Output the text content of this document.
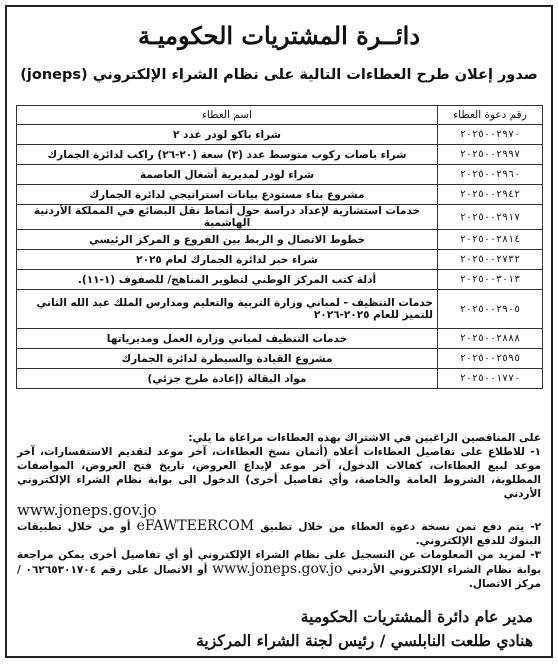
دائــرة المشتريات الحكوميـة
صدور إعلان طرح العطاءات التالية على نظام الشراء الإلكتروني (joneps)
رقم دعوة العطاء	اسم العطاء
٢٠٢٥٠٠٢٩٧٠	شراء باكو لودر عدد ٢
٢٠٢٥٠٠٢٩٩٧	شراء باصات ركوب متوسط عدد (٣) سعة (٢٠-٢٦) راكب لدائرة الجمارك
٢٠٢٥٠٠٢٩٦٠	شراء لودر لمديرية أشغال العاصمة
٢٠٢٥٠٠٢٩٤٢	مشروع بناء مستودع بيانات استراتيجي لدائرة الجمارك
٢٠٢٥٠٠٢٩١٧	خدمات استشارية لإعداد دراسة حول أنماط نقل البضائع في المملكة الأردنية الهاشمية
٢٠٢٥٠٠٢٨١٤	خطوط الاتصال و الربط بين الفروع و المركز الرئيسي
٢٠٢٥٠٠٢٧٣٢	شراء حبر لدائرة الجمارك لعام ٢٠٢٥
٢٠٢٥٠٠٣٠١٣	أدلة كتب المركز الوطني لتطوير المناهج/ للصفوف (١-١١).
٢٠٢٥٠٠٢٩٠٥	خدمات التنظيف - لمباني وزارة التربية والتعليم ومدارس الملك عبد الله الثاني للتميز للعام ٢٠٢٥-٢٠٢٦
٢٠٢٥٠٠٢٨٨٨	خدمات التنظيف لمباني وزارة العمل ومديرياتها
٢٠٢٥٠٠٢٥٩٥	مشروع القيادة والسيطرة لدائرة الجمارك
٢٠٢٥٠٠١٧٧٠	مواد البقالة (إعادة طرح جزئي)

على المناقصين الراغبين في الاشتراك بهذه العطاءات مراعاة ما يلي:

١- للاطلاع على تفاصيل العطاءات أعلاه (أثمان نسخ العطاءات، آخر موعد لتقديم الاستفسارات، آخر موعد لبيع العطاءات، كفالات الدخول، آخر موعد لإيداع العروض، تاريخ فتح العروض، المواصفات المطلوبة، الشروط العامة والخاصة، وأي تفاصيل أخرى) الدخول الى بوابة نظام الشراء الإلكتروني الأردني

www.joneps.gov.jo

٢- يتم دفع ثمن نسخة دعوة العطاء من خلال تطبيق eFAWTEERCOM أو من خلال تطبيقات البنوك للدفع الإلكتروني.

٣- لمزيد من المعلومات عن التسجيل على نظام الشراء الإلكتروني أو أي تفاصيل أخرى يمكن مراجعة بوابة نظام الشراء الإلكتروني الأردني www.joneps.gov.jo أو الاتصال على رقم ٠٦٢٦٥٣٠١٧٠٤ / مركز الاتصال.

مدير عام دائرة المشتريات الحكومية
هنادي طلعت النابلسي / رئيس لجنة الشراء المركزية
